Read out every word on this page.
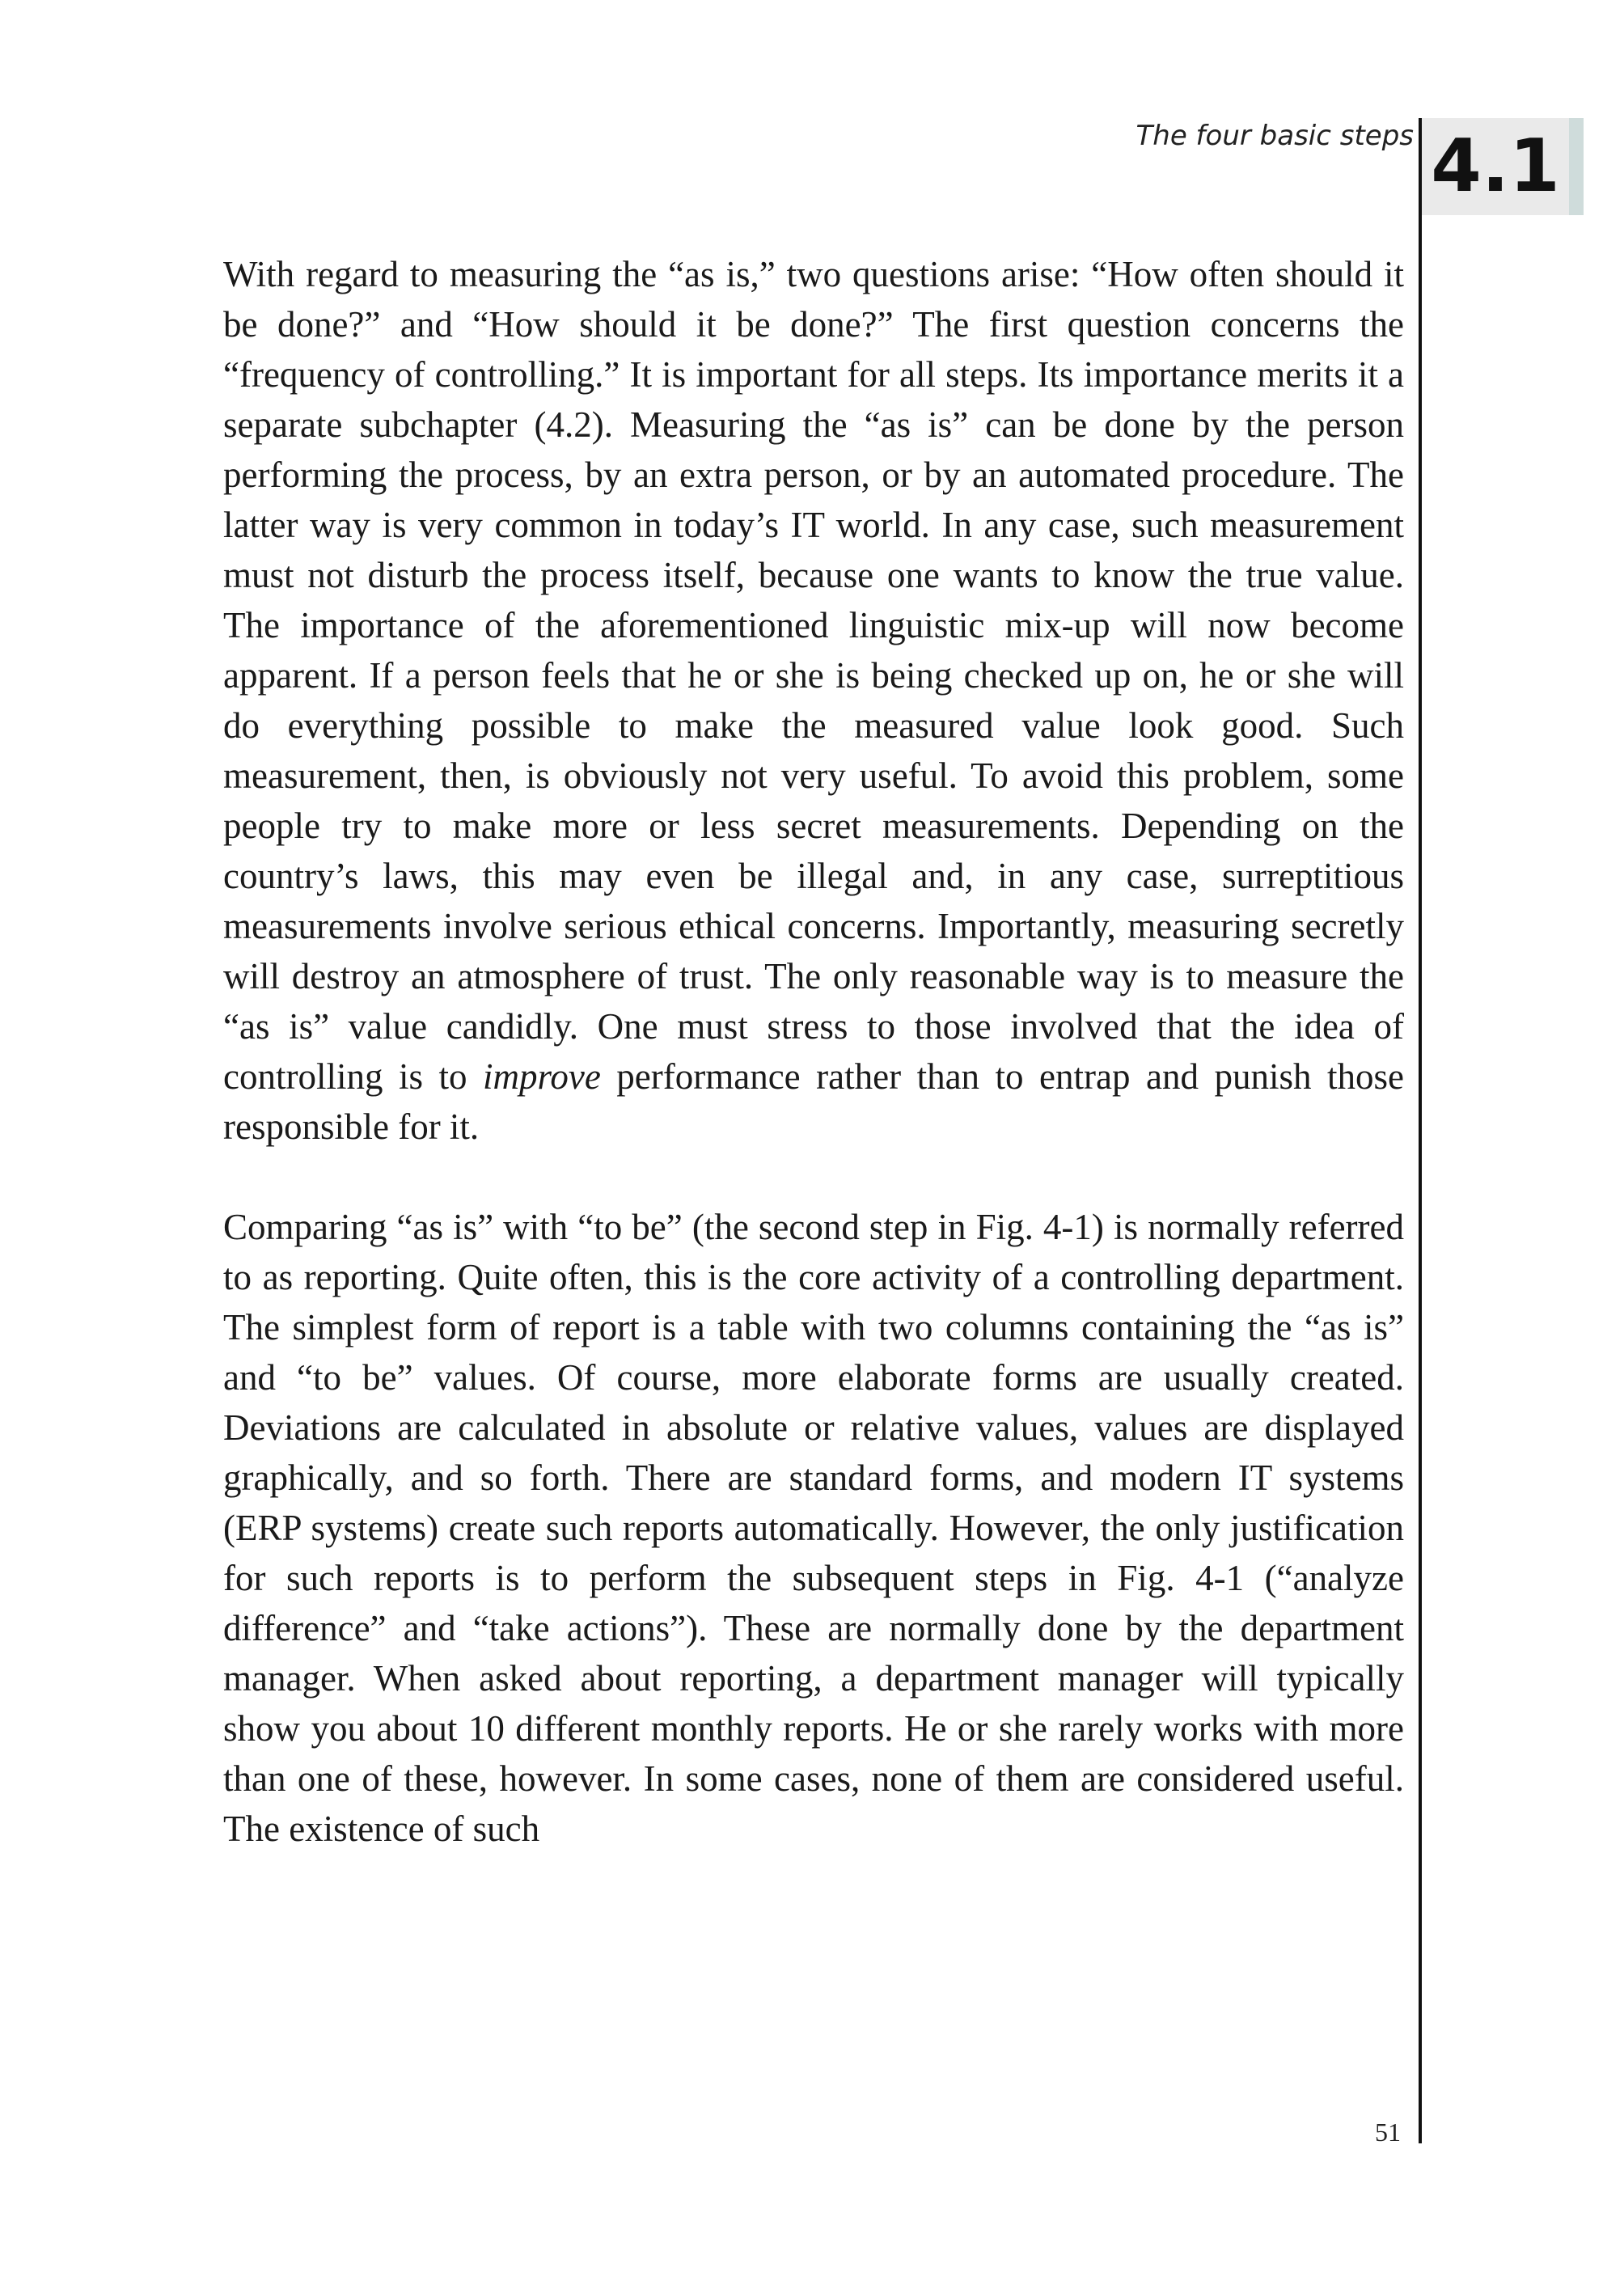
The four basic steps 4.1

With regard to measuring the “as is,” two questions arise: “How often should it be done?” and “How should it be done?” The first question concerns the “frequency of controlling.” It is important for all steps. Its importance merits it a separate subchapter (4.2). Measuring the “as is” can be done by the person performing the process, by an extra person, or by an automated procedure. The latter way is very common in today’s IT world. In any case, such measurement must not disturb the process itself, because one wants to know the true value. The importance of the aforementioned linguistic mix-up will now become apparent. If a person feels that he or she is being checked up on, he or she will do everything possible to make the measured value look good. Such measurement, then, is obviously not very useful. To avoid this problem, some people try to make more or less secret measurements. Depending on the country’s laws, this may even be illegal and, in any case, surreptitious measurements involve serious ethical concerns. Importantly, measuring secretly will destroy an atmosphere of trust. The only reasonable way is to measure the “as is” value candidly. One must stress to those involved that the idea of controlling is to improve performance rather than to entrap and punish those responsible for it.

Comparing “as is” with “to be” (the second step in Fig. 4-1) is normally referred to as reporting. Quite often, this is the core activity of a controlling department. The simplest form of report is a table with two columns containing the “as is” and “to be” values. Of course, more elaborate forms are usually created. Deviations are calculated in absolute or relative values, values are displayed graphically, and so forth. There are standard forms, and modern IT systems (ERP systems) create such reports automatically. However, the only justification for such reports is to perform the subsequent steps in Fig. 4-1 (“analyze difference” and “take actions”). These are normally done by the department manager. When asked about reporting, a department manager will typically show you about 10 different monthly reports. He or she rarely works with more than one of these, however. In some cases, none of them are considered useful. The existence of such

51
